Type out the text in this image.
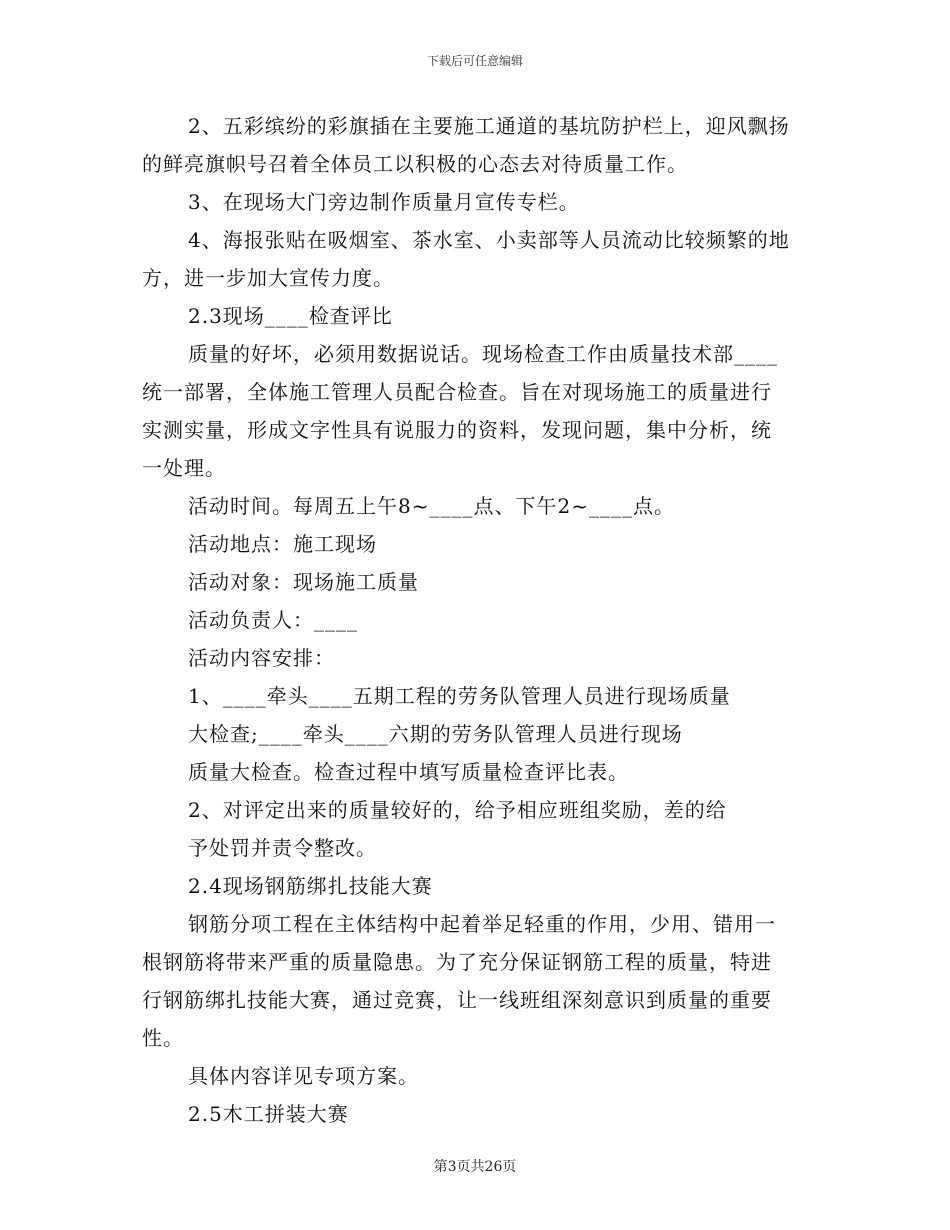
下载后可任意编辑
2、五彩缤纷的彩旗插在主要施工通道的基坑防护栏上，迎风飘扬
的鲜亮旗帜号召着全体员工以积极的心态去对待质量工作。
3、在现场大门旁边制作质量月宣传专栏。
4、海报张贴在吸烟室、茶水室、小卖部等人员流动比较频繁的地
方，进一步加大宣传力度。
2.3现场____检查评比
质量的好坏，必须用数据说话。现场检查工作由质量技术部____
统一部署，全体施工管理人员配合检查。旨在对现场施工的质量进行
实测实量，形成文字性具有说服力的资料，发现问题，集中分析，统
一处理。
活动时间。每周五上午8~____点、下午2~____点。
活动地点：施工现场
活动对象：现场施工质量
活动负责人：____
活动内容安排：
1、____牵头____五期工程的劳务队管理人员进行现场质量
大检查;____牵头____六期的劳务队管理人员进行现场
质量大检查。检查过程中填写质量检查评比表。
2、对评定出来的质量较好的，给予相应班组奖励，差的给
予处罚并责令整改。
2.4现场钢筋绑扎技能大赛
钢筋分项工程在主体结构中起着举足轻重的作用，少用、错用一
根钢筋将带来严重的质量隐患。为了充分保证钢筋工程的质量，特进
行钢筋绑扎技能大赛，通过竞赛，让一线班组深刻意识到质量的重要
性。
具体内容详见专项方案。
2.5木工拼装大赛
第3页共26页
